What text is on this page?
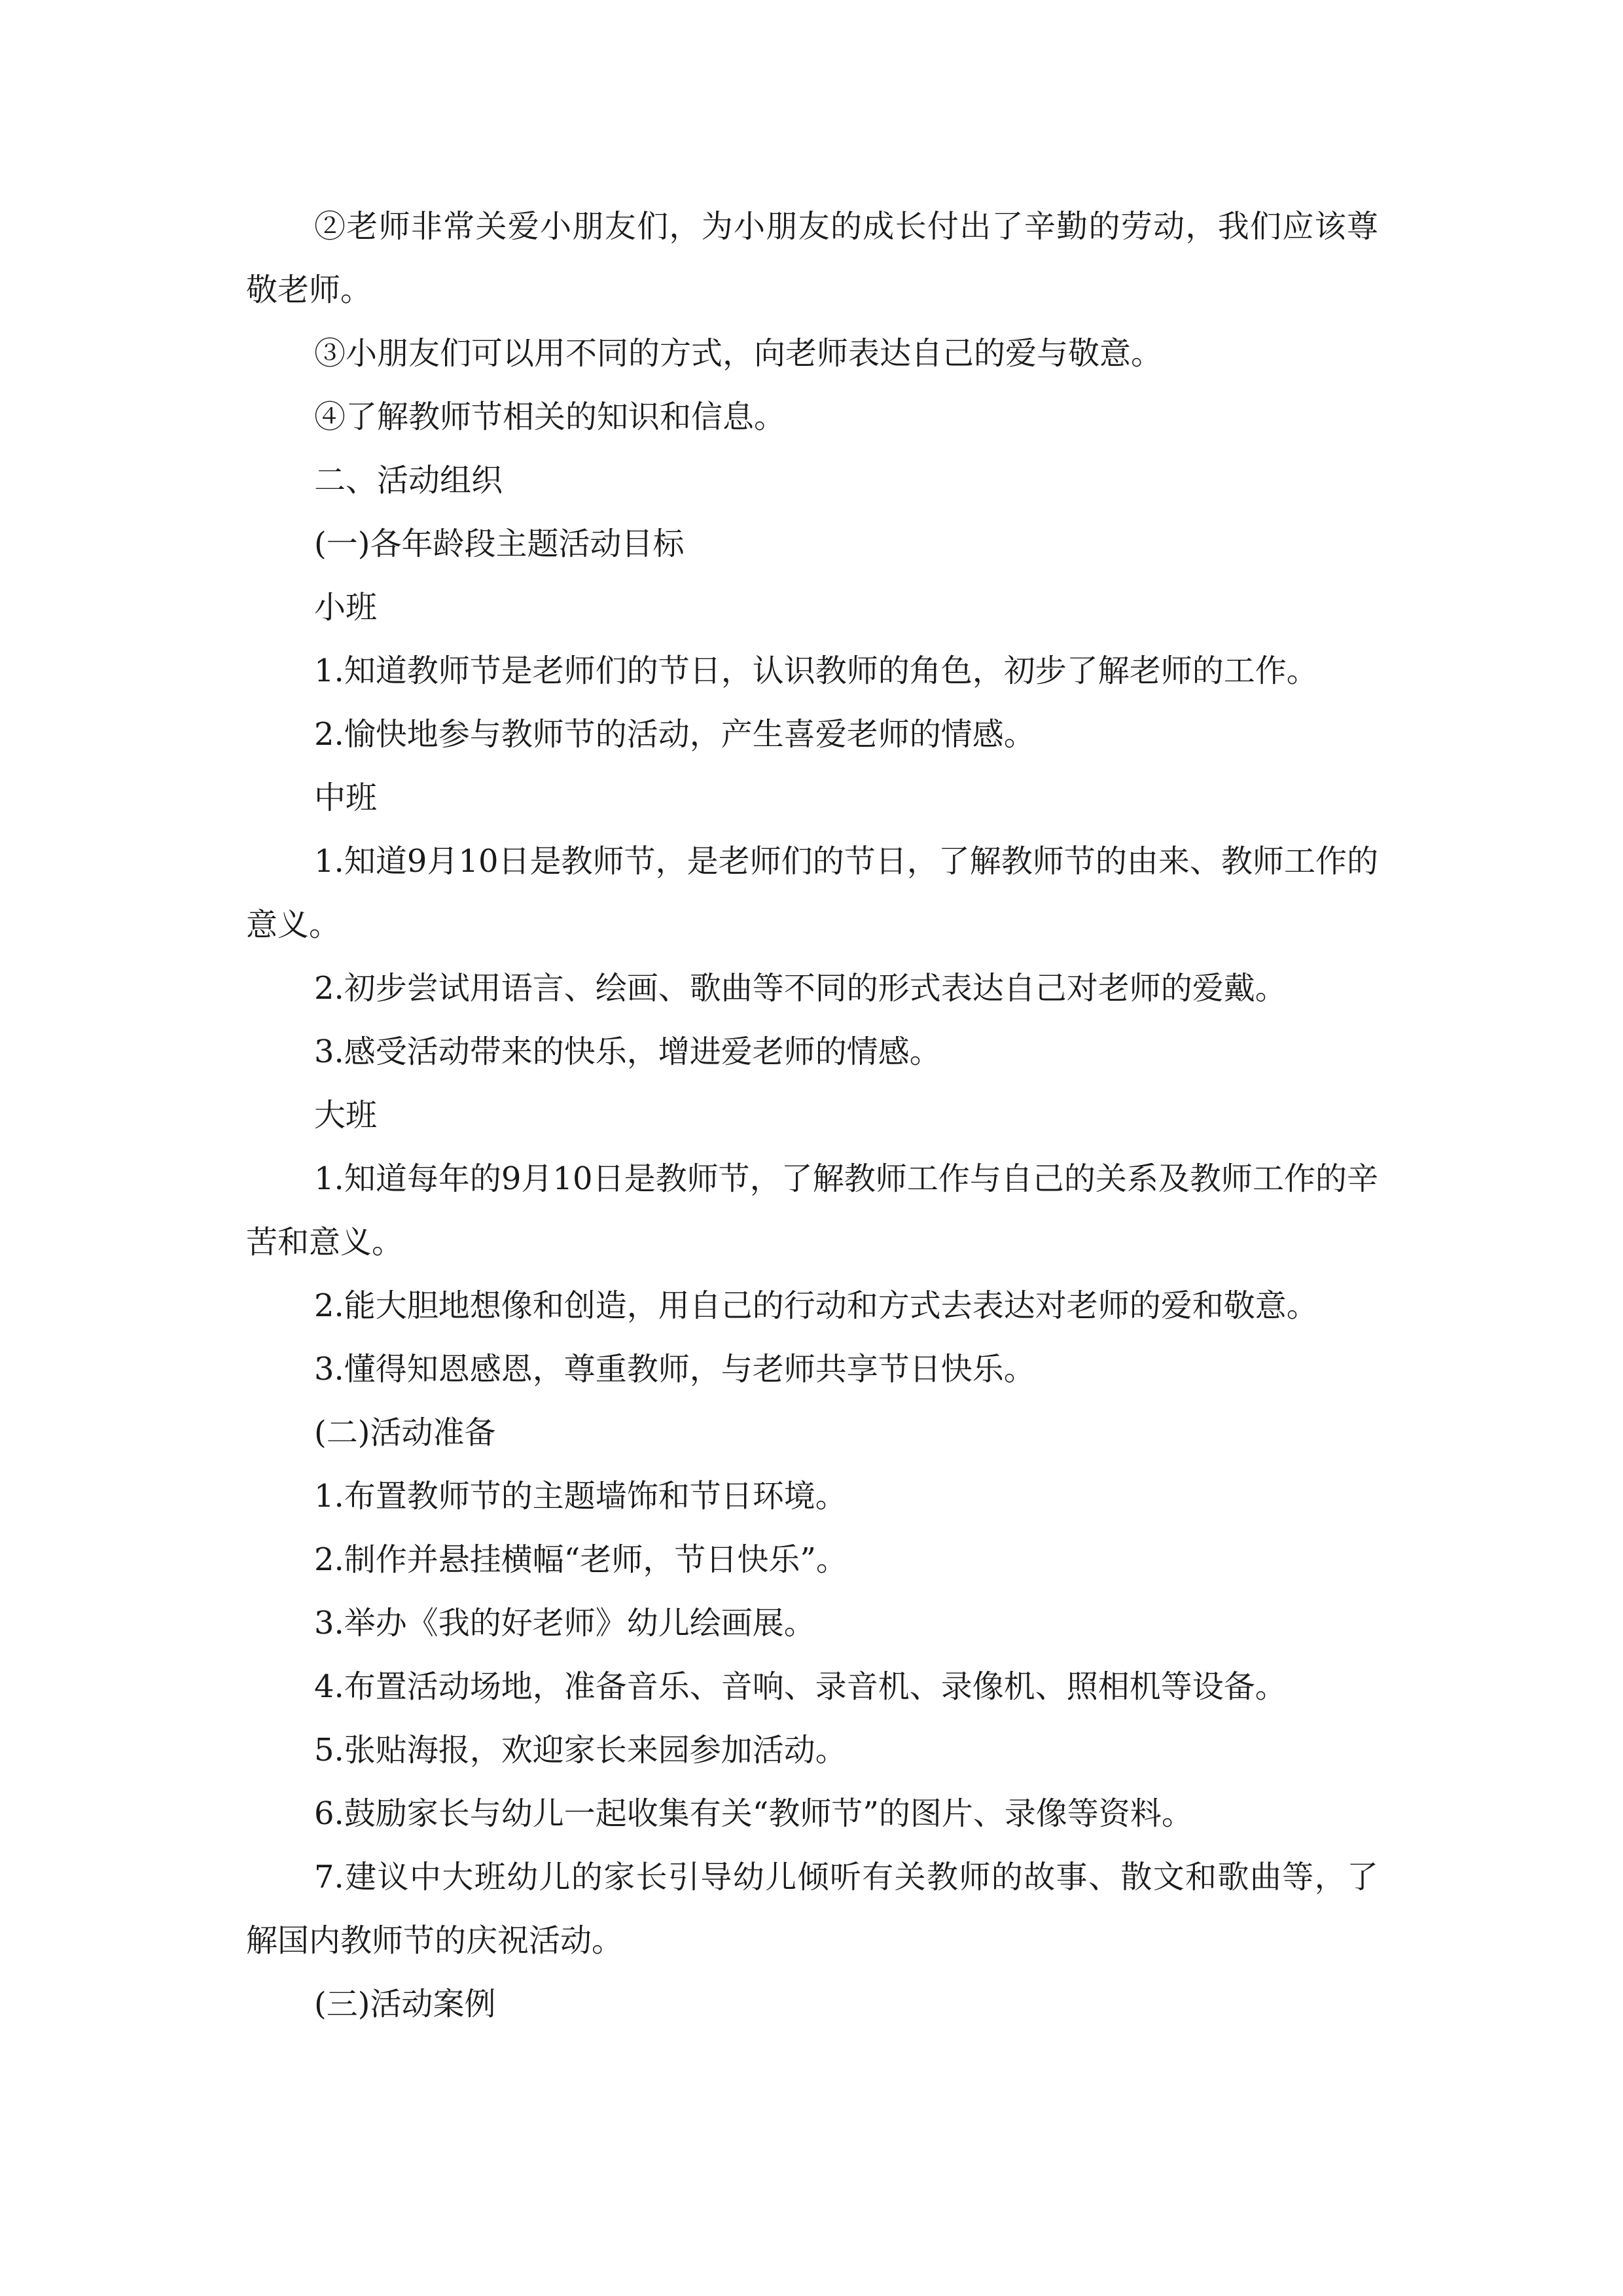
②老师非常关爱小朋友们，为小朋友的成长付出了辛勤的劳动，我们应该尊敬老师。

③小朋友们可以用不同的方式，向老师表达自己的爱与敬意。

④了解教师节相关的知识和信息。

二、活动组织

(一)各年龄段主题活动目标

小班

1.知道教师节是老师们的节日，认识教师的角色，初步了解老师的工作。

2.愉快地参与教师节的活动，产生喜爱老师的情感。

中班

1.知道9月10日是教师节，是老师们的节日，了解教师节的由来、教师工作的意义。

2.初步尝试用语言、绘画、歌曲等不同的形式表达自己对老师的爱戴。

3.感受活动带来的快乐，增进爱老师的情感。

大班

1.知道每年的9月10日是教师节，了解教师工作与自己的关系及教师工作的辛苦和意义。

2.能大胆地想像和创造，用自己的行动和方式去表达对老师的爱和敬意。

3.懂得知恩感恩，尊重教师，与老师共享节日快乐。

(二)活动准备

1.布置教师节的主题墙饰和节日环境。

2.制作并悬挂横幅“老师，节日快乐”。

3.举办《我的好老师》幼儿绘画展。

4.布置活动场地，准备音乐、音响、录音机、录像机、照相机等设备。

5.张贴海报，欢迎家长来园参加活动。

6.鼓励家长与幼儿一起收集有关“教师节”的图片、录像等资料。

7.建议中大班幼儿的家长引导幼儿倾听有关教师的故事、散文和歌曲等，了解国内教师节的庆祝活动。

(三)活动案例
